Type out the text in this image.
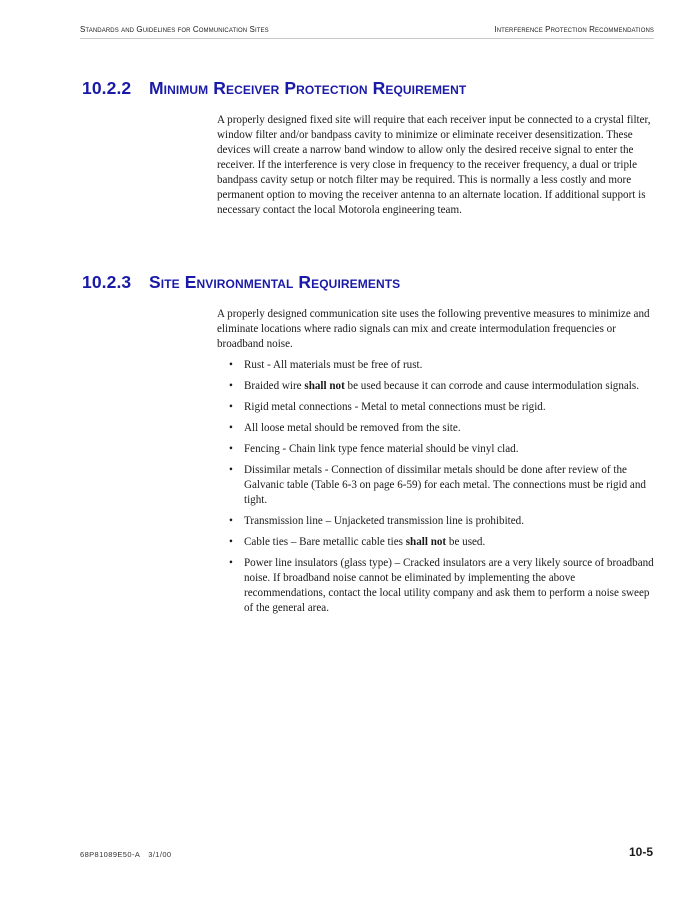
Standards and Guidelines for Communication Sites	Interference Protection Recommendations
10.2.2 Minimum Receiver Protection Requirement
A properly designed fixed site will require that each receiver input be connected to a crystal filter, window filter and/or bandpass cavity to minimize or eliminate receiver desensitization. These devices will create a narrow band window to allow only the desired receive signal to enter the receiver. If the interference is very close in frequency to the receiver frequency, a dual or triple bandpass cavity setup or notch filter may be required. This is normally a less costly and more permanent option to moving the receiver antenna to an alternate location. If additional support is necessary contact the local Motorola engineering team.
10.2.3 Site Environmental Requirements
A properly designed communication site uses the following preventive measures to minimize and eliminate locations where radio signals can mix and create intermodulation frequencies or broadband noise.
• Rust - All materials must be free of rust.
• Braided wire shall not be used because it can corrode and cause intermodulation signals.
• Rigid metal connections - Metal to metal connections must be rigid.
• All loose metal should be removed from the site.
• Fencing - Chain link type fence material should be vinyl clad.
• Dissimilar metals - Connection of dissimilar metals should be done after review of the Galvanic table (Table 6-3 on page 6-59) for each metal. The connections must be rigid and tight.
• Transmission line – Unjacketed transmission line is prohibited.
• Cable ties – Bare metallic cable ties shall not be used.
• Power line insulators (glass type) – Cracked insulators are a very likely source of broadband noise. If broadband noise cannot be eliminated by implementing the above recommendations, contact the local utility company and ask them to perform a noise sweep of the general area.
68P81089E50-A 3/1/00	10-5
